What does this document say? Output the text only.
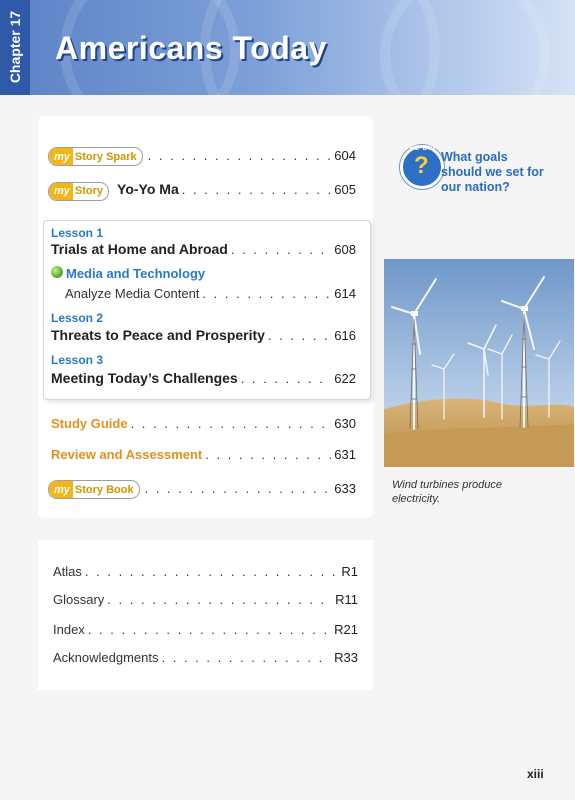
Chapter 17 Americans Today
my Story Spark . . .	604
my Story Yo-Yo Ma . . .	605
Lesson 1
Trials at Home and Abroad . . .	608
Media and Technology
Analyze Media Content . . .	614
Lesson 2
Threats to Peace and Prosperity . . .	616
Lesson 3
Meeting Today’s Challenges . . .	622
Study Guide . . .	630
Review and Assessment . . .	631
my Story Book . . .	633
THE BIG
? What goals should we set for our nation?
Wind turbines produce electricity.
Atlas . . .	R1
Glossary . . .	R11
Index . . .	R21
Acknowledgments . . .	R33
xiii
